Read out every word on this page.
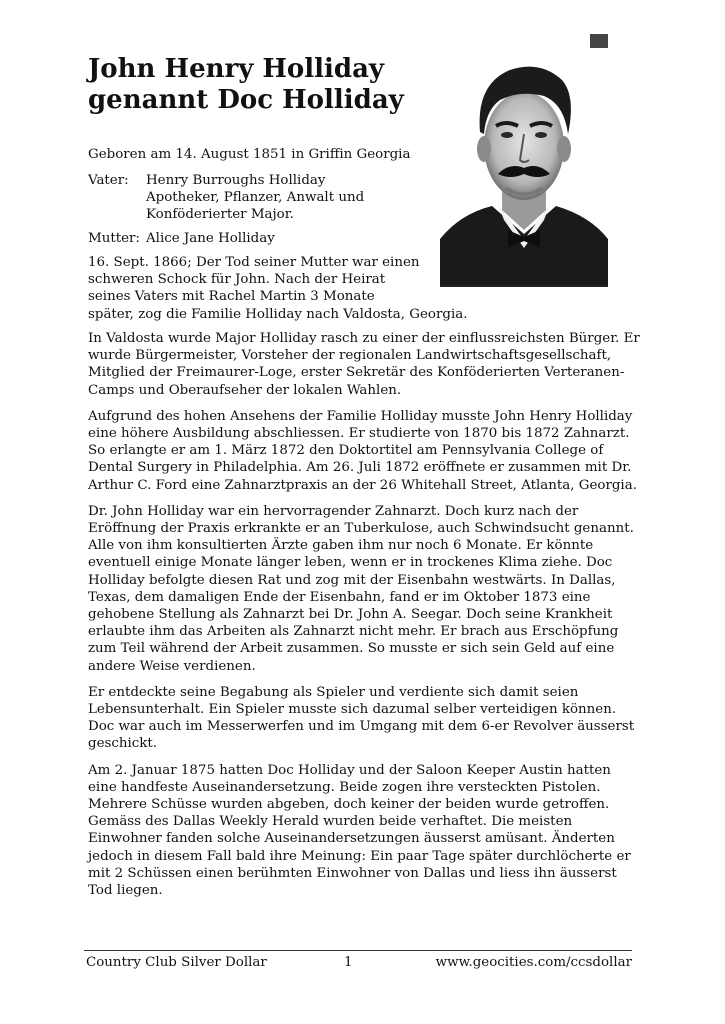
John Henry Holliday
genannt Doc Holliday

Geboren am 14. August 1851 in Griffin Georgia

Vater:	Henry Burroughs Holliday
Apotheker, Pflanzer, Anwalt und
Konföderierter Major.
Mutter: Alice Jane Holliday

16. Sept. 1866; Der Tod seiner Mutter war einen
schweren Schock für John. Nach der Heirat
seines Vaters mit Rachel Martin 3 Monate
später, zog die Familie Holliday nach Valdosta, Georgia.

In Valdosta wurde Major Holliday rasch zu einer der einflussreichsten Bürger. Er wurde Bürgermeister, Vorsteher der regionalen Landwirtschaftsgesellschaft, Mitglied der Freimaurer-Loge, erster Sekretär des Konföderierten Verteranen-Camps und Oberaufseher der lokalen Wahlen.

Aufgrund des hohen Ansehens der Familie Holliday musste John Henry Holliday eine höhere Ausbildung abschliessen. Er studierte von 1870 bis 1872 Zahnarzt. So erlangte er am 1. März 1872 den Doktortitel am Pennsylvania College of Dental Surgery in Philadelphia. Am 26. Juli 1872 eröffnete er zusammen mit Dr. Arthur C. Ford eine Zahnarztpraxis an der 26 Whitehall Street, Atlanta, Georgia.

Dr. John Holliday war ein hervorragender Zahnarzt. Doch kurz nach der Eröffnung der Praxis erkrankte er an Tuberkulose, auch Schwindsucht genannt. Alle von ihm konsultierten Ärzte gaben ihm nur noch 6 Monate. Er könnte eventuell einige Monate länger leben, wenn er in trockenes Klima ziehe. Doc Holliday befolgte diesen Rat und zog mit der Eisenbahn westwärts. In Dallas, Texas, dem damaligen Ende der Eisenbahn, fand er im Oktober 1873 eine gehobene Stellung als Zahnarzt bei Dr. John A. Seegar. Doch seine Krankheit erlaubte ihm das Arbeiten als Zahnarzt nicht mehr. Er brach aus Erschöpfung zum Teil während der Arbeit zusammen. So musste er sich sein Geld auf eine andere Weise verdienen.

Er entdeckte seine Begabung als Spieler und verdiente sich damit seien Lebensunterhalt. Ein Spieler musste sich dazumal selber verteidigen können. Doc war auch im Messerwerfen und im Umgang mit dem 6-er Revolver äusserst geschickt.

Am 2. Januar 1875 hatten Doc Holliday und der Saloon Keeper Austin hatten eine handfeste Auseinandersetzung. Beide zogen ihre versteckten Pistolen. Mehrere Schüsse wurden abgeben, doch keiner der beiden wurde getroffen. Gemäss des Dallas Weekly Herald wurden beide verhaftet. Die meisten Einwohner fanden solche Auseinandersetzungen äusserst amüsant. Änderten jedoch in diesem Fall bald ihre Meinung: Ein paar Tage später durchlöcherte er mit 2 Schüssen einen berühmten Einwohner von Dallas und liess ihn äusserst Tod liegen.

Country Club Silver Dollar	1	www.geocities.com/ccsdollar
